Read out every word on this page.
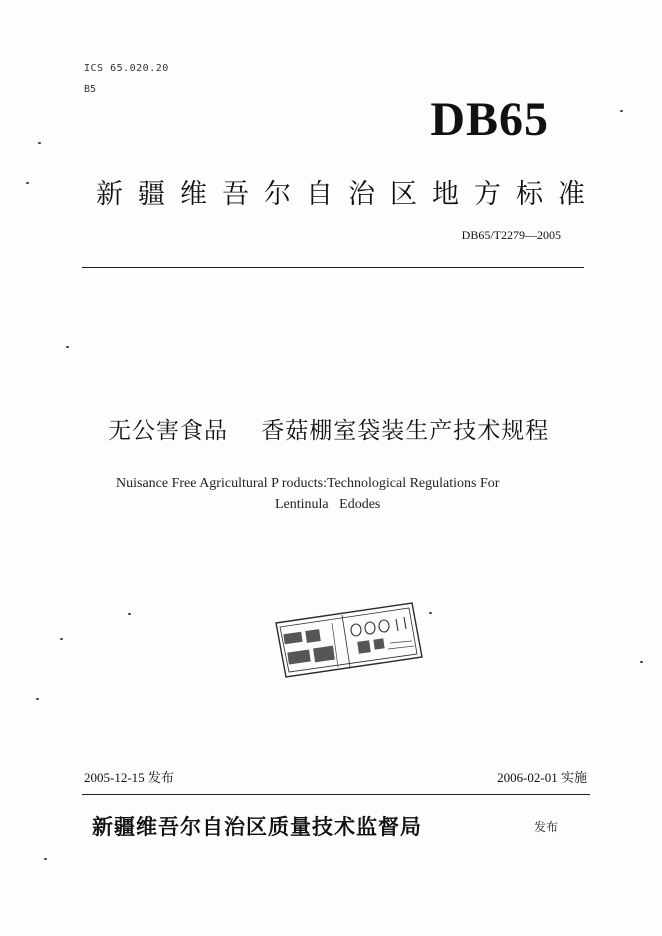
ICS 65.020.20
B5
DB65
新疆维吾尔自治区地方标准
DB65/T2279—2005
无公害食品    香菇棚室袋装生产技术规程
Nuisance Free Agricultural P roducts:Technological Regulations For
Lentinula   Edodes
2005-12-15 发布	2006-02-01 实施
新疆维吾尔自治区质量技术监督局	发布
